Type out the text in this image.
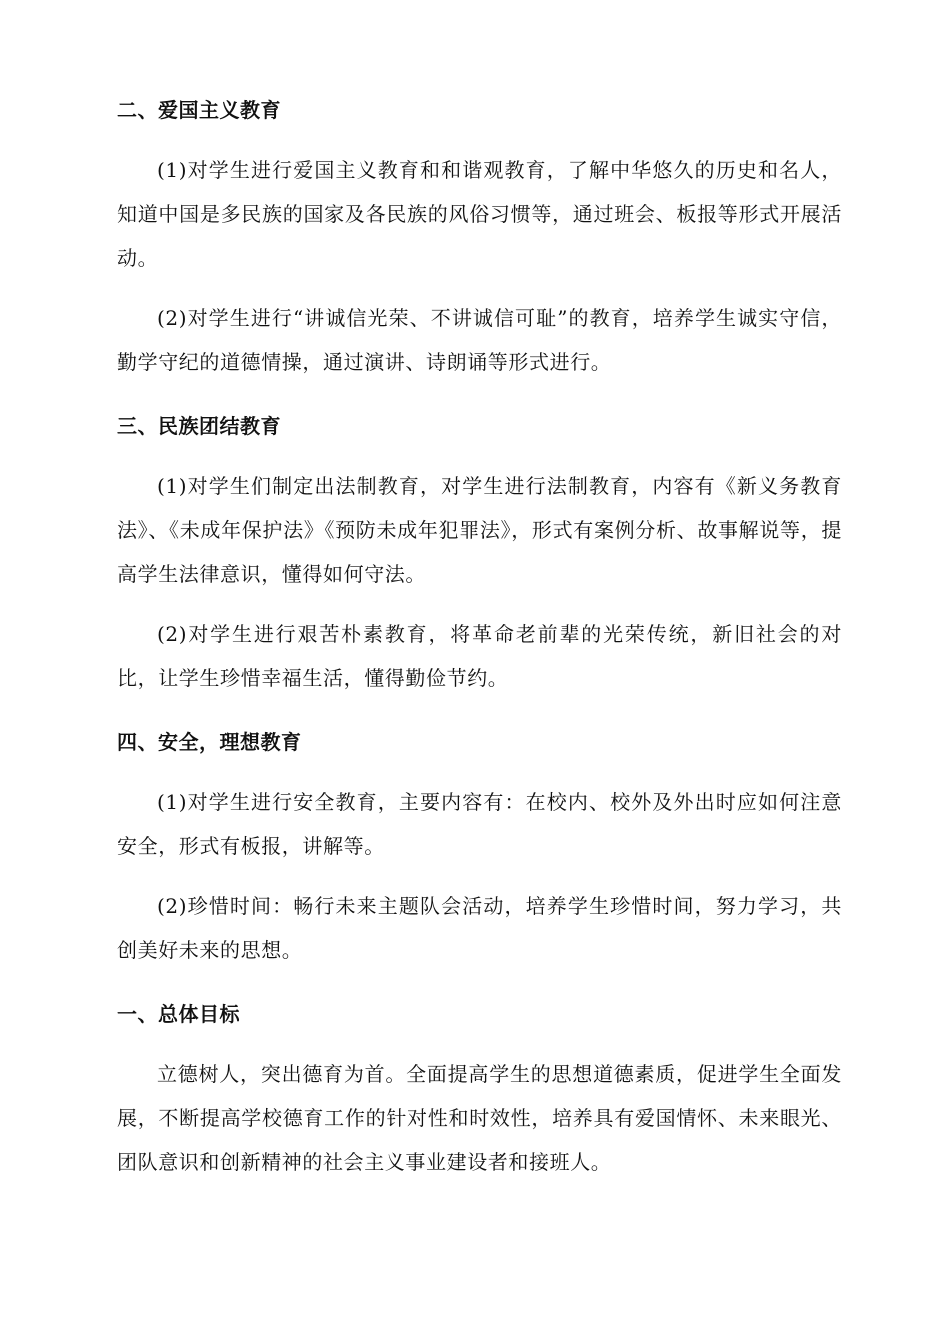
二、爱国主义教育

(1)对学生进行爱国主义教育和和谐观教育，了解中华悠久的历史和名人，知道中国是多民族的国家及各民族的风俗习惯等，通过班会、板报等形式开展活动。

(2)对学生进行“讲诚信光荣、不讲诚信可耻”的教育，培养学生诚实守信，勤学守纪的道德情操，通过演讲、诗朗诵等形式进行。

三、民族团结教育

(1)对学生们制定出法制教育，对学生进行法制教育，内容有《新义务教育法》、《未成年保护法》《预防未成年犯罪法》，形式有案例分析、故事解说等，提高学生法律意识，懂得如何守法。

(2)对学生进行艰苦朴素教育，将革命老前辈的光荣传统，新旧社会的对比，让学生珍惜幸福生活，懂得勤俭节约。

四、安全，理想教育

(1)对学生进行安全教育，主要内容有：在校内、校外及外出时应如何注意安全，形式有板报，讲解等。

(2)珍惜时间：畅行未来主题队会活动，培养学生珍惜时间，努力学习，共创美好未来的思想。

一、总体目标

立德树人，突出德育为首。全面提高学生的思想道德素质，促进学生全面发展，不断提高学校德育工作的针对性和时效性，培养具有爱国情怀、未来眼光、团队意识和创新精神的社会主义事业建设者和接班人。
